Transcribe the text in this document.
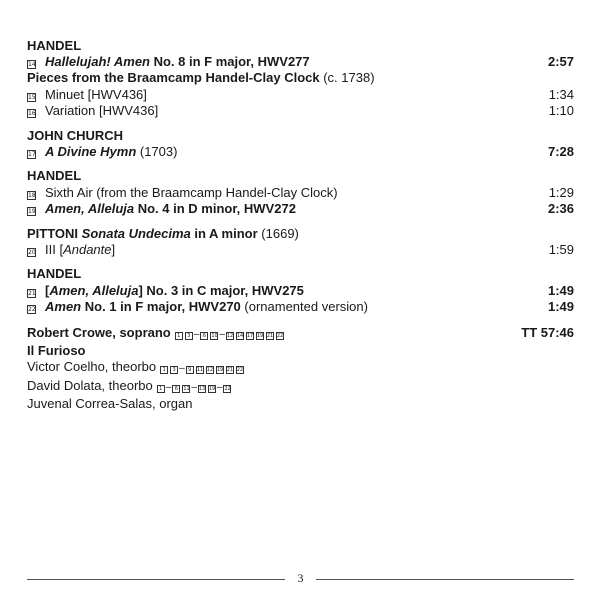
HANDEL
14 Hallelujah! Amen No. 8 in F major, HWV277	2:57
Pieces from the Braamcamp Handel-Clay Clock (c. 1738)
15 Minuet [HWV436]	1:34
16 Variation [HWV436]	1:10
JOHN CHURCH
17 A Divine Hymn (1703)	7:28
HANDEL
18 Sixth Air (from the Braamcamp Handel-Clay Clock)	1:29
19 Amen, Alleluja No. 4 in D minor, HWV272	2:36
PITTONI Sonata Undecima in A minor (1669)
20 III [Andante]	1:59
HANDEL
21 [Amen, Alleluja] No. 3 in C major, HWV275	1:49
22 Amen No. 1 in F major, HWV270 (ornamented version)	1:49
Robert Crowe, soprano	1 3 – 6 10 – 12 14 17 19 21 22	TT 57:46
Il Furioso
Victor Coelho, theorbo	1 3 – 9 11 12 19 21 22
David Dolata, theorbo	1 – 6 11 – 13 19 – 22
Juvenal Correa-Salas, organ
3
